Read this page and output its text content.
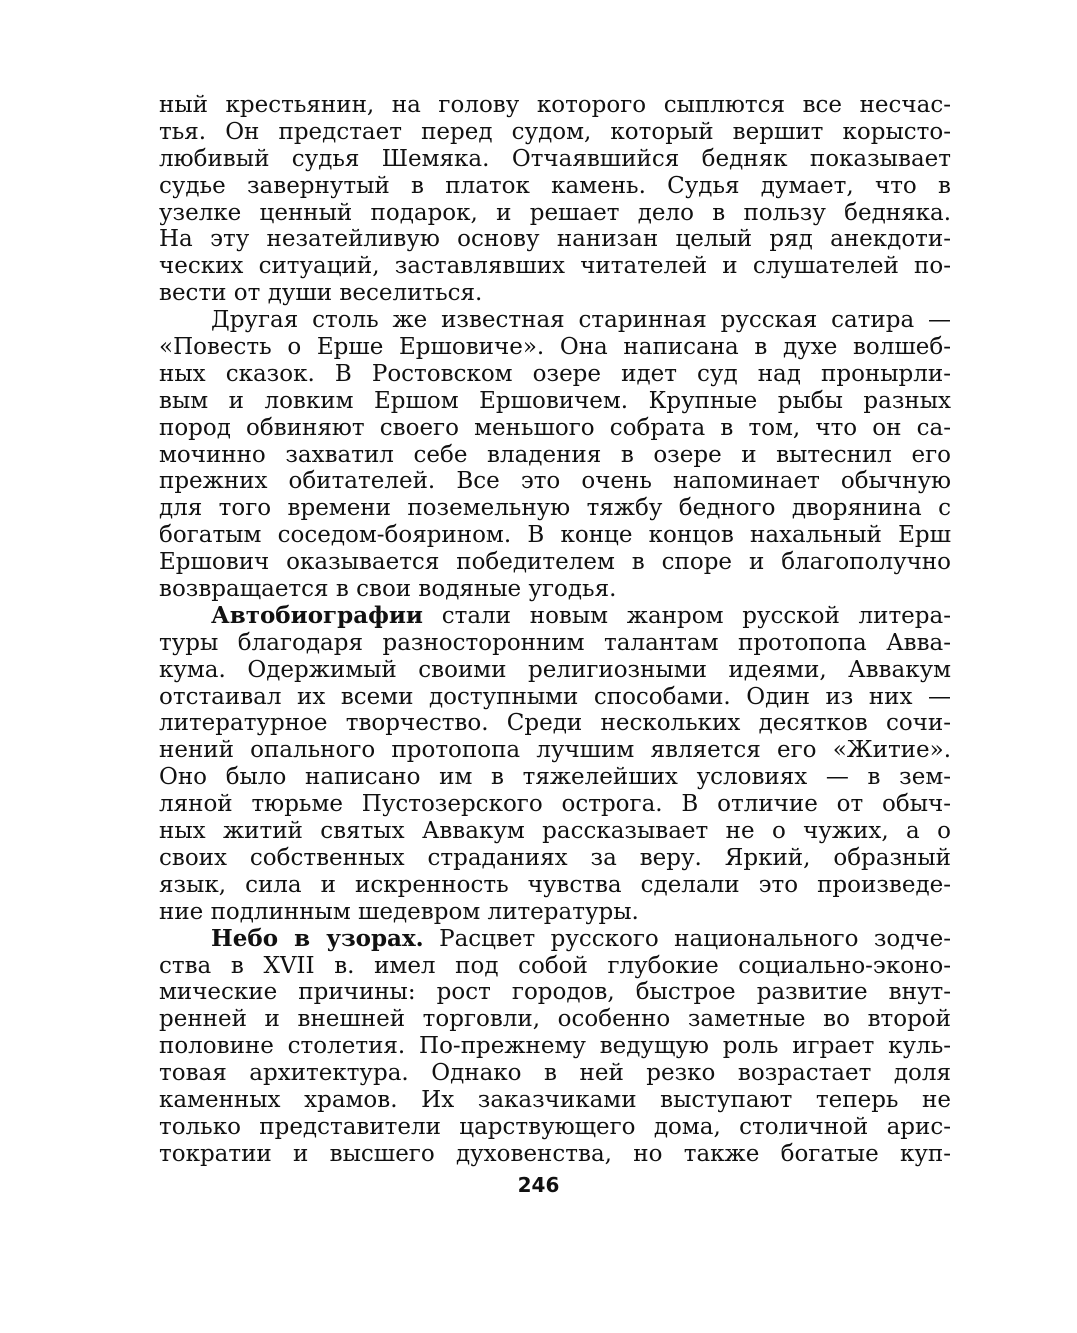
ный крестьянин, на голову которого сыплются все несчас-
тья. Он предстает перед судом, который вершит корысто-
любивый судья Шемяка. Отчаявшийся бедняк показывает
судье завернутый в платок камень. Судья думает, что в
узелке ценный подарок, и решает дело в пользу бедняка.
На эту незатейливую основу нанизан целый ряд анекдоти-
ческих ситуаций, заставлявших читателей и слушателей по-
вести от души веселиться.
Другая столь же известная старинная русская сатира —
«Повесть о Ерше Ершовиче». Она написана в духе волшеб-
ных сказок. В Ростовском озере идет суд над пронырли-
вым и ловким Ершом Ершовичем. Крупные рыбы разных
пород обвиняют своего меньшого собрата в том, что он са-
мочинно захватил себе владения в озере и вытеснил его
прежних обитателей. Все это очень напоминает обычную
для того времени поземельную тяжбу бедного дворянина с
богатым соседом-боярином. В конце концов нахальный Ерш
Ершович оказывается победителем в споре и благополучно
возвращается в свои водяные угодья.
Автобиографии стали новым жанром русской литера-
туры благодаря разносторонним талантам протопопа Авва-
кума. Одержимый своими религиозными идеями, Аввакум
отстаивал их всеми доступными способами. Один из них —
литературное творчество. Среди нескольких десятков сочи-
нений опального протопопа лучшим является его «Житие».
Оно было написано им в тяжелейших условиях — в зем-
ляной тюрьме Пустозерского острога. В отличие от обыч-
ных житий святых Аввакум рассказывает не о чужих, а о
своих собственных страданиях за веру. Яркий, образный
язык, сила и искренность чувства сделали это произведе-
ние подлинным шедевром литературы.
Небо в узорах. Расцвет русского национального зодче-
ства в XVII в. имел под собой глубокие социально-эконо-
мические причины: рост городов, быстрое развитие внут-
ренней и внешней торговли, особенно заметные во второй
половине столетия. По-прежнему ведущую роль играет куль-
товая архитектура. Однако в ней резко возрастает доля
каменных храмов. Их заказчиками выступают теперь не
только представители царствующего дома, столичной арис-
тократии и высшего духовенства, но также богатые куп-
246
